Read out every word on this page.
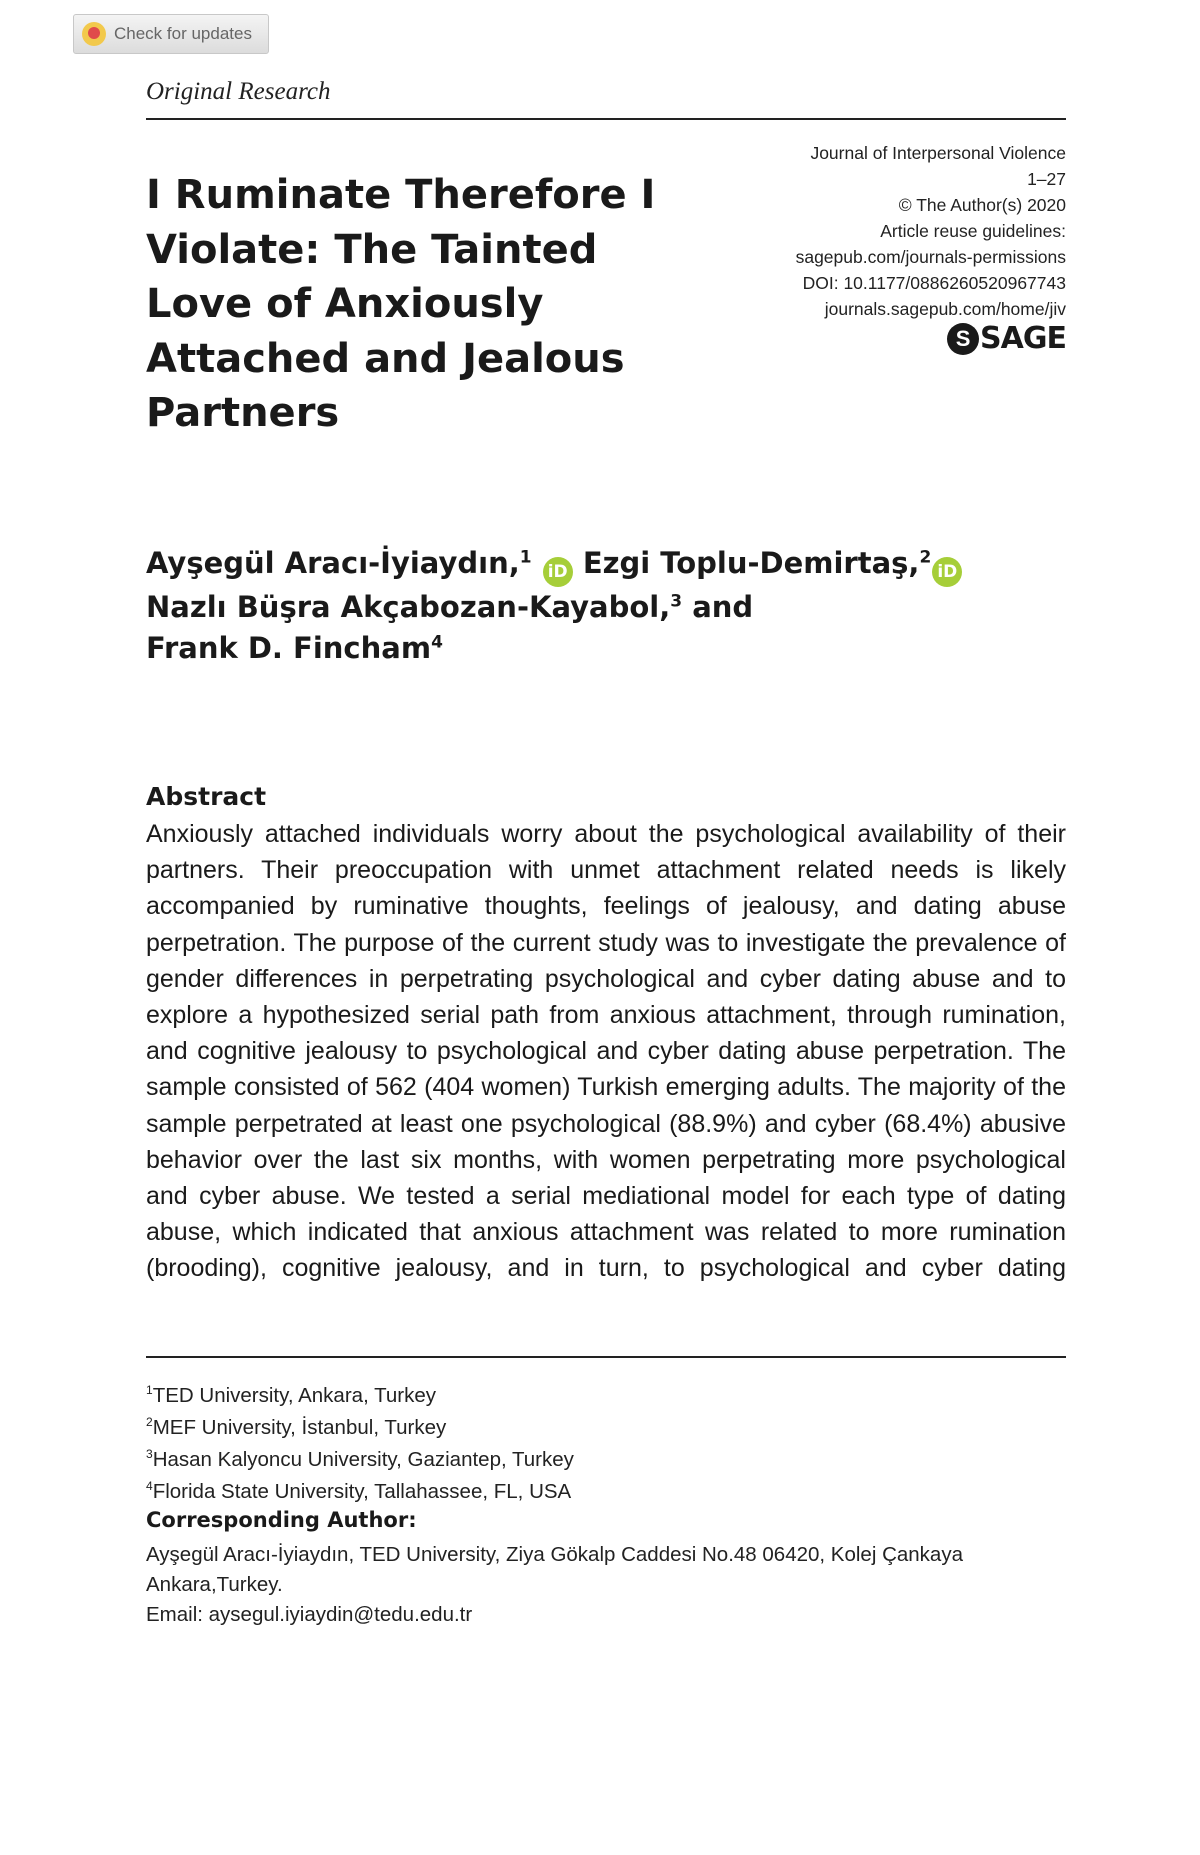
Check for updates
Original Research
I Ruminate Therefore I Violate: The Tainted Love of Anxiously Attached and Jealous Partners
Journal of Interpersonal Violence
1–27
© The Author(s) 2020
Article reuse guidelines:
sagepub.com/journals-permissions
DOI: 10.1177/0886260520967743
journals.sagepub.com/home/jiv
S SAGE
Ayşegül Aracı-İyiaydın,$^1$ iD Ezgi Toplu-Demirtaş,$^2$iD
Nazlı Büşra Akçabozan-Kayabol,$^3$ and
Frank D. Fincham$^4$
Abstract

Anxiously attached individuals worry about the psychological availability of their partners. Their preoccupation with unmet attachment related needs is likely accompanied by ruminative thoughts, feelings of jealousy, and dating abuse perpetration. The purpose of the current study was to investigate the prevalence of gender differences in perpetrating psychological and cyber dating abuse and to explore a hypothesized serial path from anxious attachment, through rumination, and cognitive jealousy to psychological and cyber dating abuse perpetration. The sample consisted of 562 (404 women) Turkish emerging adults. The majority of the sample perpetrated at least one psychological (88.9%) and cyber (68.4%) abusive behavior over the last six months, with women perpetrating more psychological and cyber abuse. We tested a serial mediational model for each type of dating abuse, which indicated that anxious attachment was related to more rumination (brooding), cognitive jealousy, and in turn, to psychological and cyber dating

$^1$TED University, Ankara, Turkey
$^2$MEF University, İstanbul, Turkey
$^3$Hasan Kalyoncu University, Gaziantep, Turkey
$^4$Florida State University, Tallahassee, FL, USA
Corresponding Author:
Ayşegül Aracı-İyiaydın, TED University, Ziya Gökalp Caddesi No.48 06420, Kolej Çankaya
Ankara,Turkey.
Email: aysegul.iyiaydin@tedu.edu.tr
